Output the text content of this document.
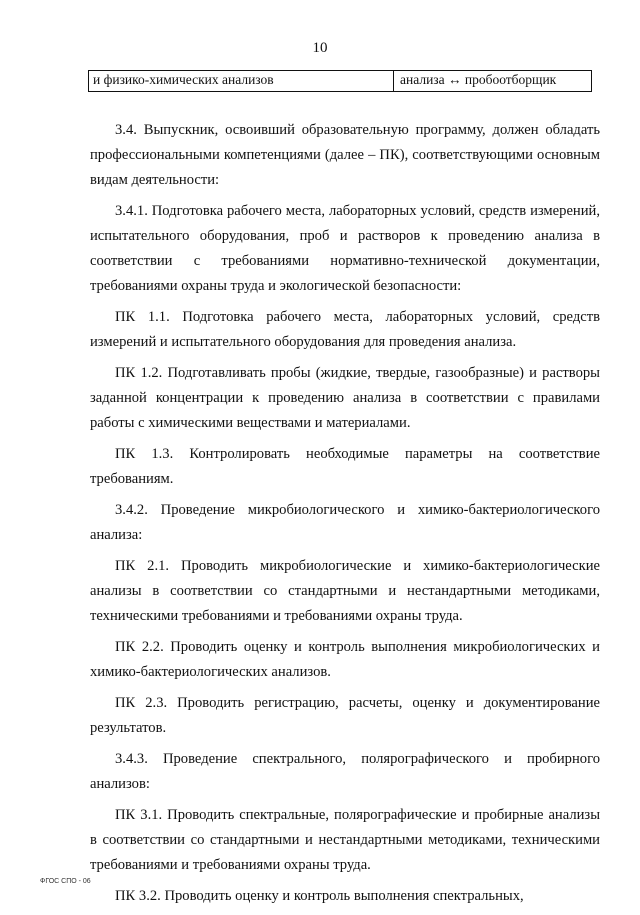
10
и физико-химических анализов	анализа ↔ пробоотборщик

3.4. Выпускник, освоивший образовательную программу, должен обладать профессиональными компетенциями (далее – ПК), соответствующими основным видам деятельности:

3.4.1. Подготовка рабочего места, лабораторных условий, средств измерений, испытательного оборудования, проб и растворов к проведению анализа в соответствии с требованиями нормативно-технической документации, требованиями охраны труда и экологической безопасности:

ПК 1.1. Подготовка рабочего места, лабораторных условий, средств измерений и испытательного оборудования для проведения анализа.

ПК 1.2. Подготавливать пробы (жидкие, твердые, газообразные) и растворы заданной концентрации к проведению анализа в соответствии с правилами работы с химическими веществами и материалами.

ПК 1.3. Контролировать необходимые параметры на соответствие требованиям.

3.4.2. Проведение микробиологического и химико-бактериологического анализа:

ПК 2.1. Проводить микробиологические и химико-бактериологические анализы в соответствии со стандартными и нестандартными методиками, техническими требованиями и требованиями охраны труда.

ПК 2.2. Проводить оценку и контроль выполнения микробиологических и химико-бактериологических анализов.

ПК 2.3. Проводить регистрацию, расчеты, оценку и документирование результатов.

3.4.3. Проведение спектрального, полярографического и пробирного анализов:

ПК 3.1. Проводить спектральные, полярографические и пробирные анализы в соответствии со стандартными и нестандартными методиками, техническими требованиями и требованиями охраны труда.

ПК 3.2. Проводить оценку и контроль выполнения спектральных,

ФГОС СПО - 06
